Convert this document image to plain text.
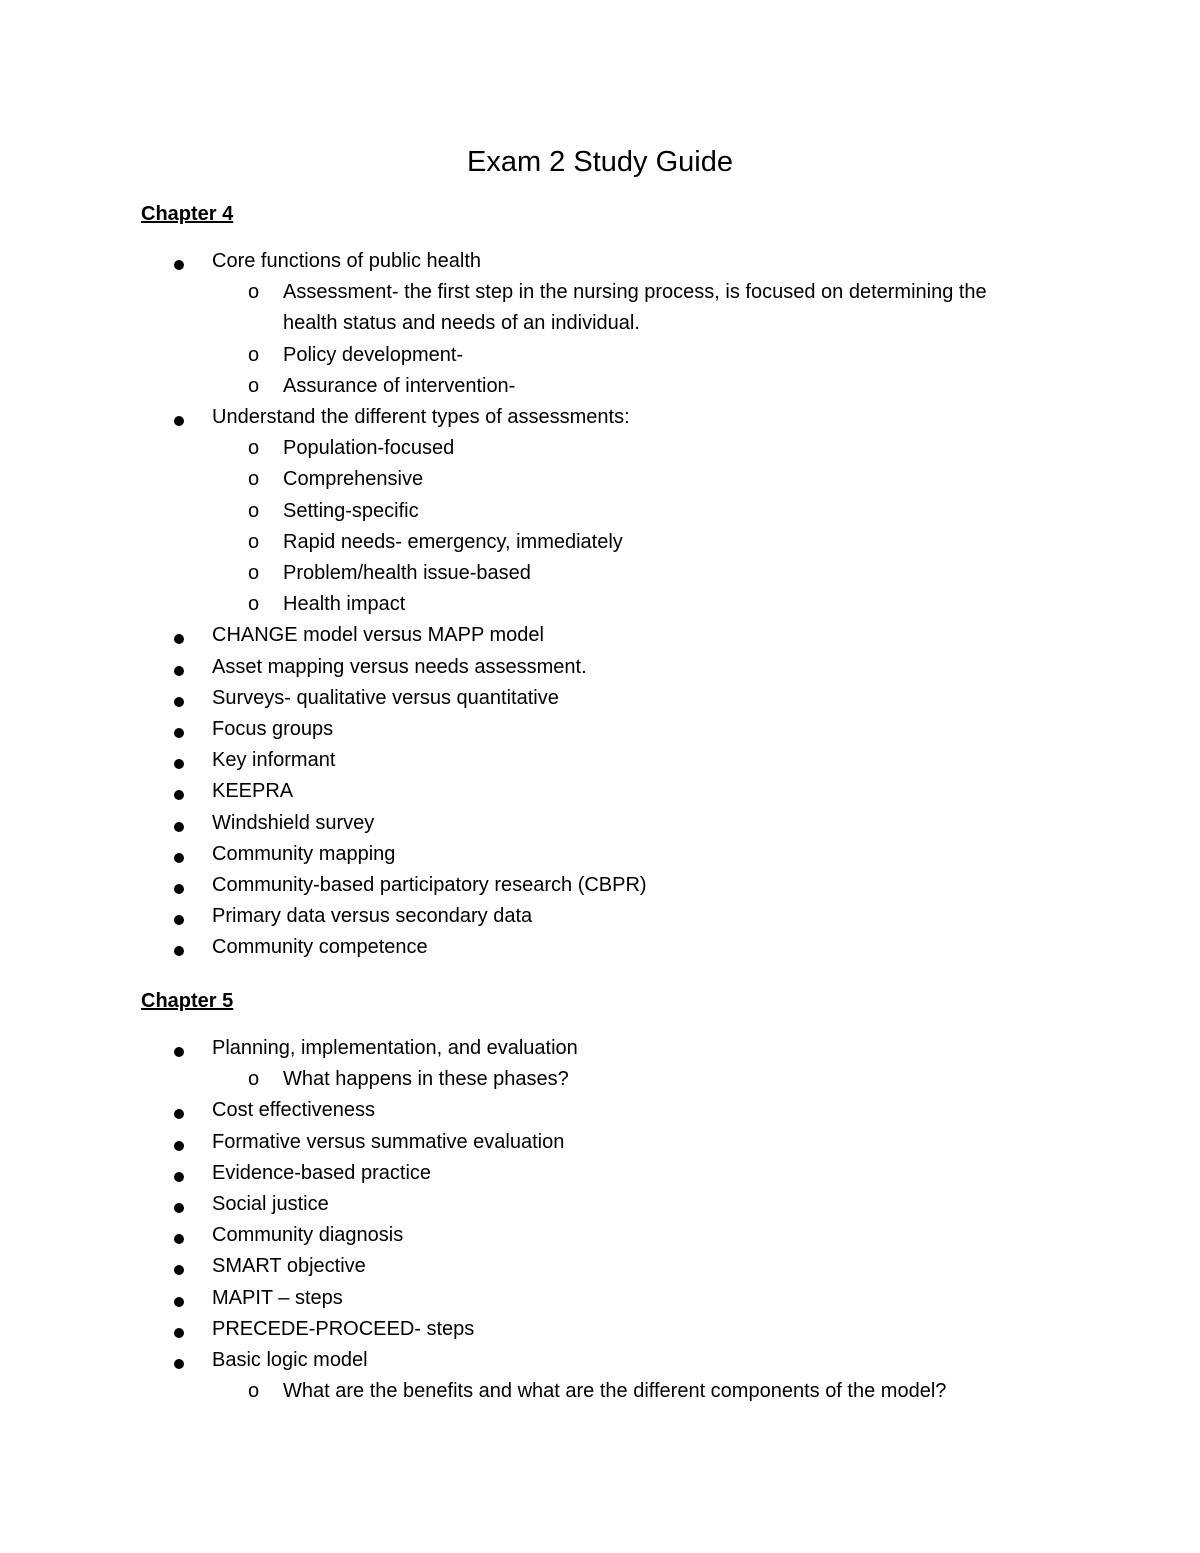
Exam 2 Study Guide
Chapter 4
Core functions of public health
o Assessment- the first step in the nursing process, is focused on determining the
health status and needs of an individual.
o Policy development-
o Assurance of intervention-
Understand the different types of assessments:
o Population-focused
o Comprehensive
o Setting-specific
o Rapid needs- emergency, immediately
o Problem/health issue-based
o Health impact
CHANGE model versus MAPP model
Asset mapping versus needs assessment.
Surveys- qualitative versus quantitative
Focus groups
Key informant
KEEPRA
Windshield survey
Community mapping
Community-based participatory research (CBPR)
Primary data versus secondary data
Community competence
Chapter 5
Planning, implementation, and evaluation
o What happens in these phases?
Cost effectiveness
Formative versus summative evaluation
Evidence-based practice
Social justice
Community diagnosis
SMART objective
MAPIT – steps
PRECEDE-PROCEED- steps
Basic logic model
o What are the benefits and what are the different components of the model?
